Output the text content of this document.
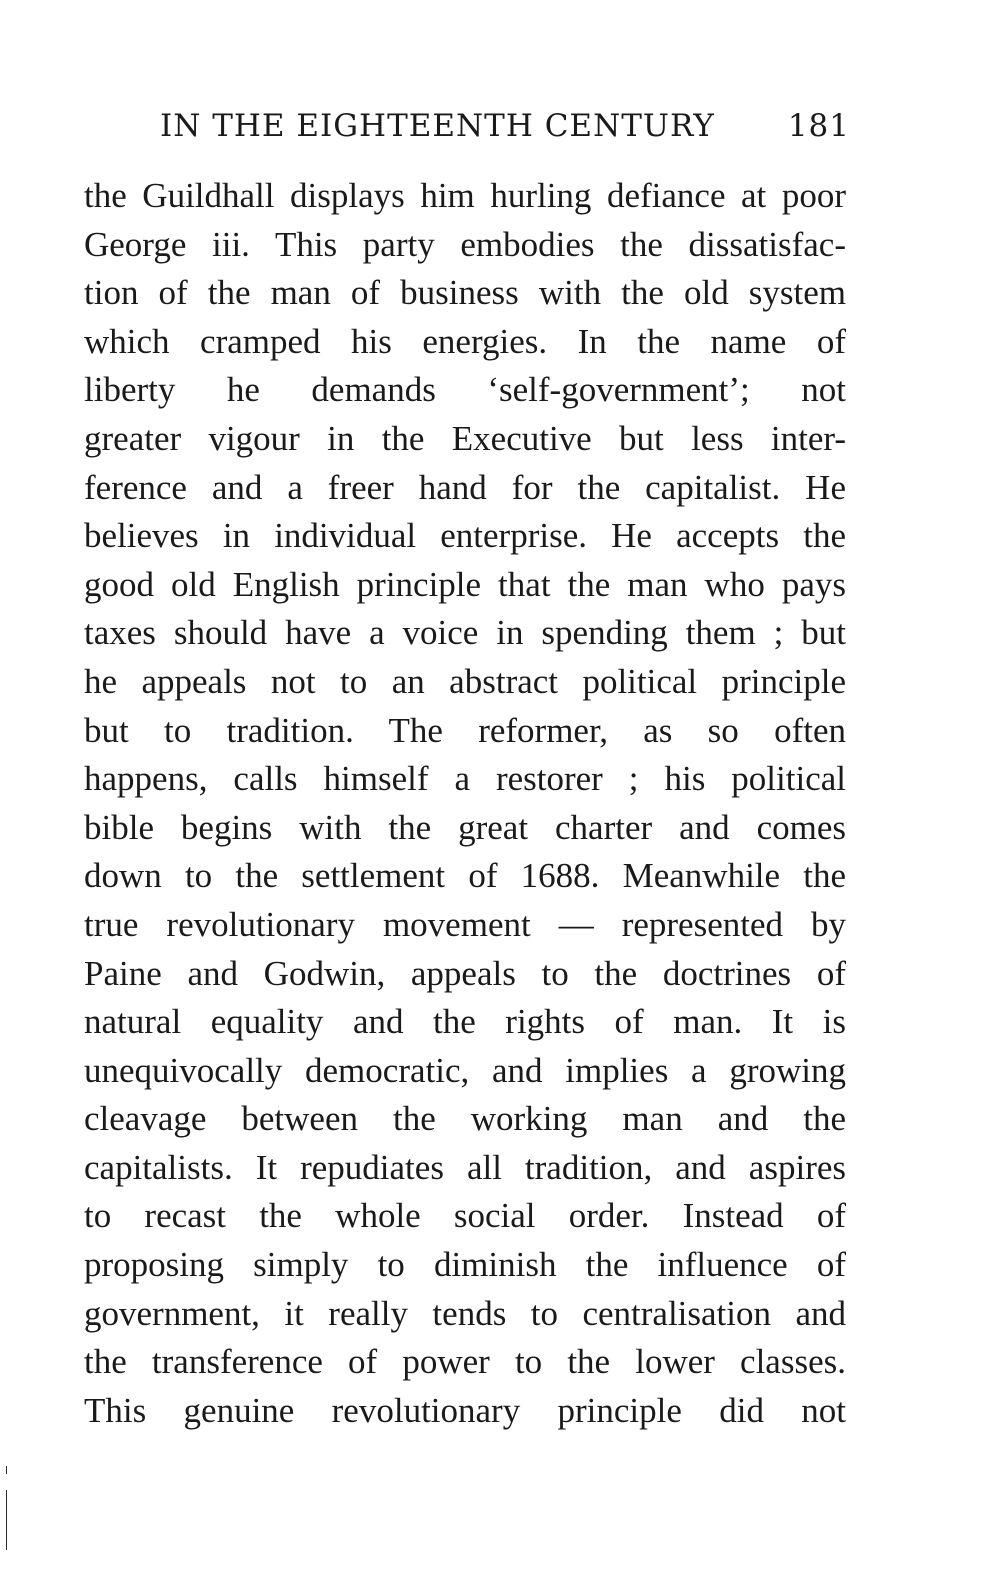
IN THE EIGHTEENTH CENTURY 181
the Guildhall displays him hurling defiance at poor
George iii. This party embodies the dissatisfac-
tion of the man of business with the old system
which cramped his energies. In the name of
liberty he demands ‘self-government’; not
greater vigour in the Executive but less inter-
ference and a freer hand for the capitalist. He
believes in individual enterprise. He accepts the
good old English principle that the man who pays
taxes should have a voice in spending them ; but
he appeals not to an abstract political principle
but to tradition. The reformer, as so often
happens, calls himself a restorer ; his political
bible begins with the great charter and comes
down to the settlement of 1688. Meanwhile the
true revolutionary movement — represented by
Paine and Godwin, appeals to the doctrines of
natural equality and the rights of man. It is
unequivocally democratic, and implies a growing
cleavage between the working man and the
capitalists. It repudiates all tradition, and aspires
to recast the whole social order. Instead of
proposing simply to diminish the influence of
government, it really tends to centralisation and
the transference of power to the lower classes.
This genuine revolutionary principle did not
